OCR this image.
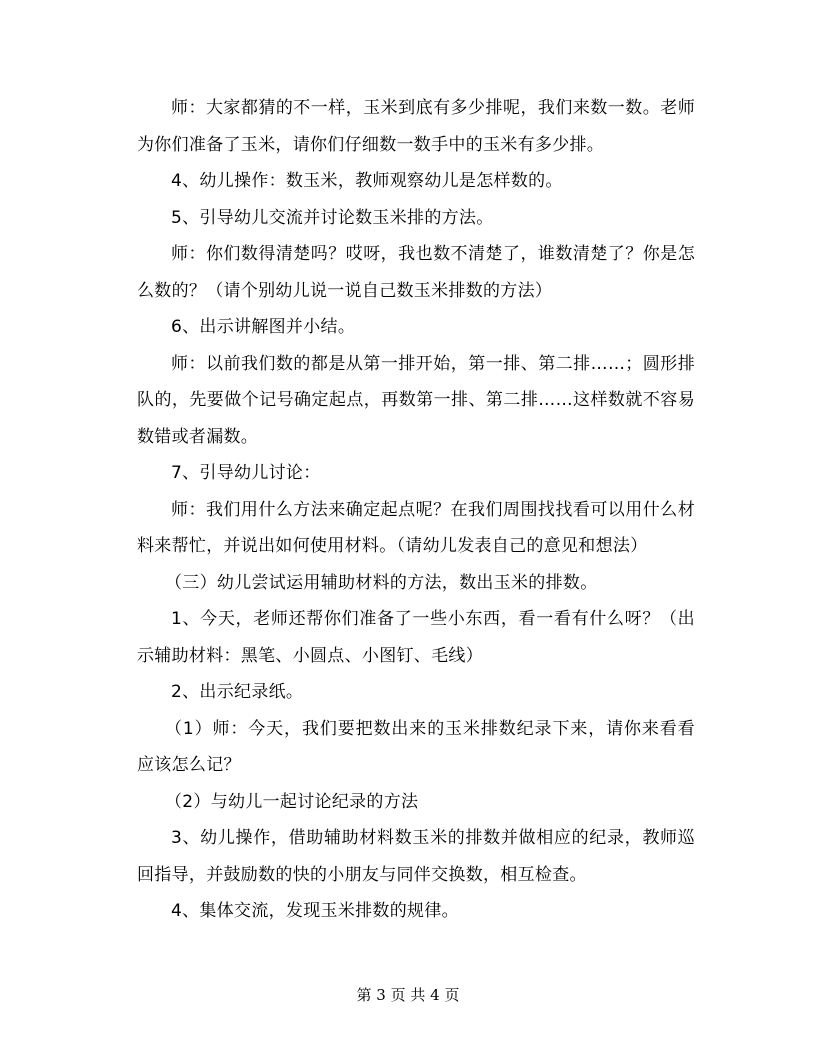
师：大家都猜的不一样，玉米到底有多少排呢，我们来数一数。老师为你们准备了玉米，请你们仔细数一数手中的玉米有多少排。

4、幼儿操作：数玉米，教师观察幼儿是怎样数的。

5、引导幼儿交流并讨论数玉米排的方法。

师：你们数得清楚吗？哎呀，我也数不清楚了，谁数清楚了？你是怎么数的？（请个别幼儿说一说自己数玉米排数的方法）

6、出示讲解图并小结。

师：以前我们数的都是从第一排开始，第一排、第二排……；圆形排队的，先要做个记号确定起点，再数第一排、第二排……这样数就不容易数错或者漏数。

7、引导幼儿讨论：

师：我们用什么方法来确定起点呢？在我们周围找找看可以用什么材料来帮忙，并说出如何使用材料。（请幼儿发表自己的意见和想法）

（三）幼儿尝试运用辅助材料的方法，数出玉米的排数。

1、今天，老师还帮你们准备了一些小东西，看一看有什么呀？（出示辅助材料：黑笔、小圆点、小图钉、毛线）

2、出示纪录纸。

（1）师：今天，我们要把数出来的玉米排数纪录下来，请你来看看应该怎么记？

（2）与幼儿一起讨论纪录的方法

3、幼儿操作，借助辅助材料数玉米的排数并做相应的纪录，教师巡回指导，并鼓励数的快的小朋友与同伴交换数，相互检查。

4、集体交流，发现玉米排数的规律。

第 3 页 共 4 页
